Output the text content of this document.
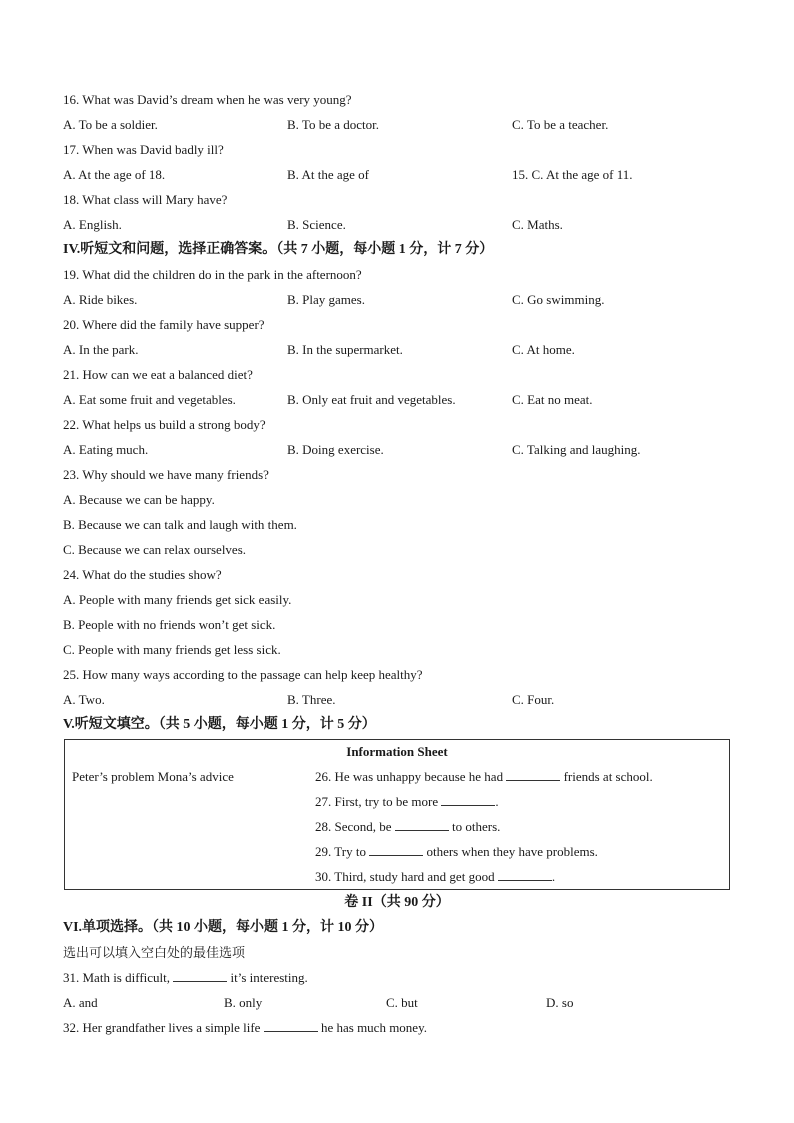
16. What was David’s dream when he was very young?
A. To be a soldier.	B. To be a doctor.	C. To be a teacher.
17. When was David badly ill?
A. At the age of 18.	B. At the age of	15. C. At the age of 11.
18. What class will Mary have?
A. English.	B. Science.	C. Maths.
IV.听短文和问题，选择正确答案。（共 7 小题，每小题 1 分，计 7 分）
19. What did the children do in the park in the afternoon?
A. Ride bikes.	B. Play games.	C. Go swimming.
20. Where did the family have supper?
A. In the park.	B. In the supermarket.	C. At home.
21. How can we eat a balanced diet?
A. Eat some fruit and vegetables.	B. Only eat fruit and vegetables.	C. Eat no meat.
22. What helps us build a strong body?
A. Eating much.	B. Doing exercise.	C. Talking and laughing.
23. Why should we have many friends?
A. Because we can be happy.
B. Because we can talk and laugh with them.
C. Because we can relax ourselves.
24. What do the studies show?
A. People with many friends get sick easily.
B. People with no friends won’t get sick.
C. People with many friends get less sick.
25. How many ways according to the passage can help keep healthy?
A. Two.	B. Three.	C. Four.
V.听短文填空。（共 5 小题，每小题 1 分，计 5 分）
Information Sheet
Peter’s problem Mona’s advice	26. He was unhappy because he had	friends at school.
27. First, try to be more	.
28. Second, be	to others.
29. Try to	others when they have problems.
30. Third, study hard and get good	.
卷 II（共 90 分）
VI.单项选择。（共 10 小题，每小题 1 分，计 10 分）
选出可以填入空白处的最佳选项
31. Math is difficult,	it’s interesting.
A. and	B. only	C. but	D. so
32. Her grandfather lives a simple life	he has much money.
